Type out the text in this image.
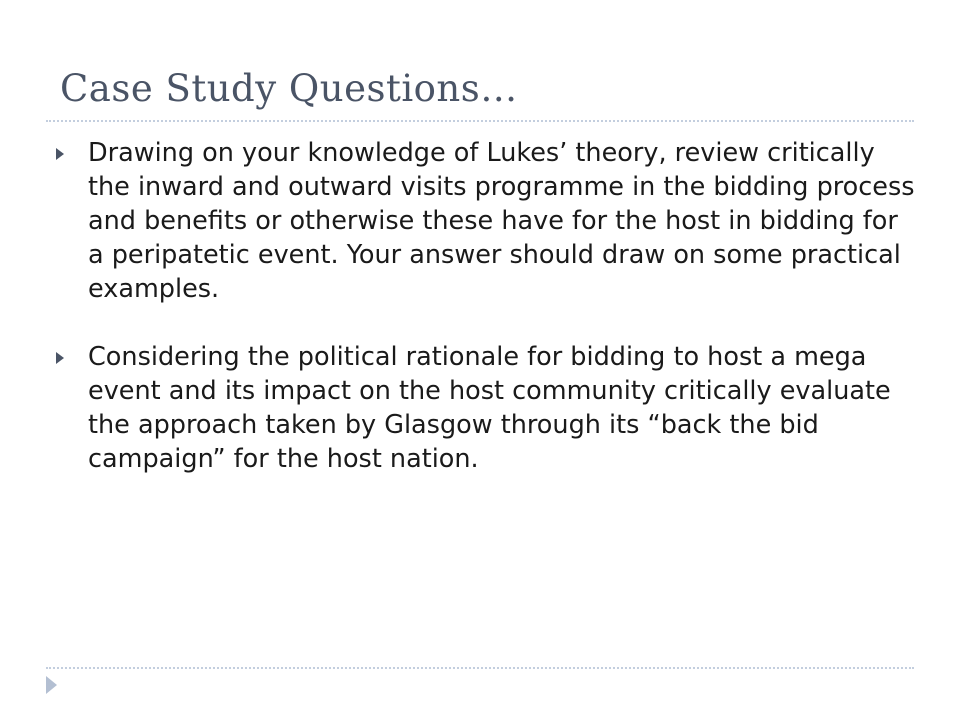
Case Study Questions…
Drawing on your knowledge of Lukes’ theory, review critically the inward and outward visits programme in the bidding process and benefits or otherwise these have for the host in bidding for a peripatetic event. Your answer should draw on some practical examples.
Considering the political rationale for bidding to host a mega event and its impact on the host community critically evaluate the approach taken by Glasgow through its “back the bid campaign” for the host nation.
